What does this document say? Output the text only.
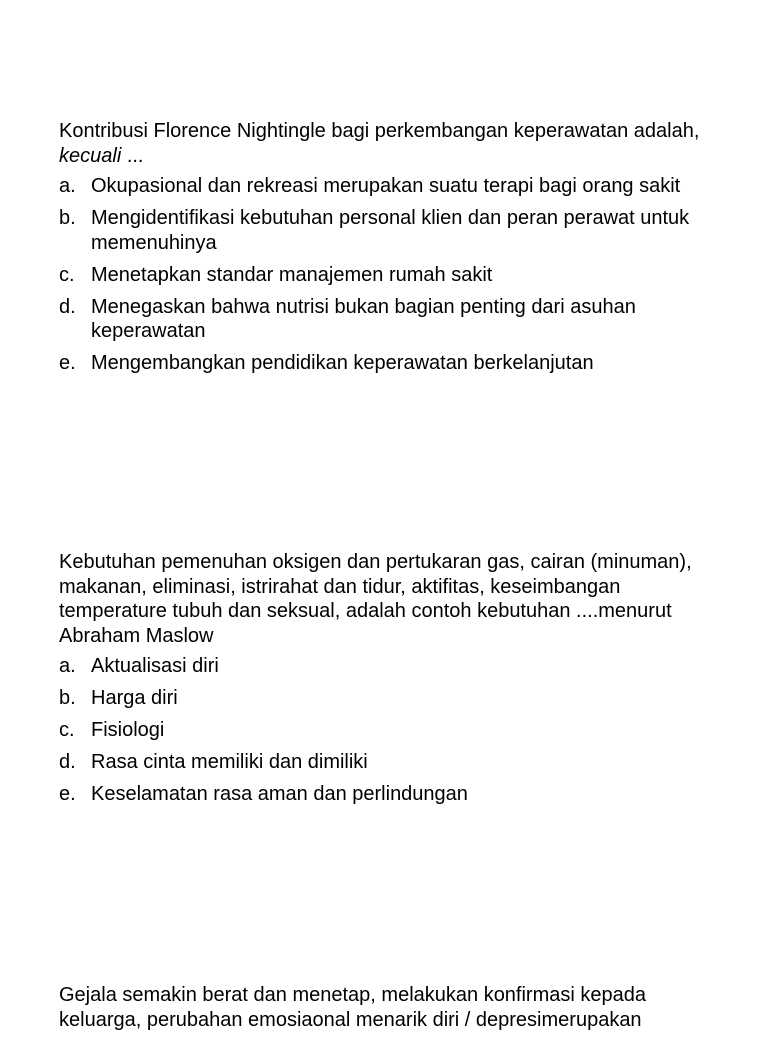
Kontribusi Florence Nightingle bagi perkembangan keperawatan adalah,
kecuali ...

a. Okupasional dan rekreasi merupakan suatu terapi bagi orang sakit
b. Mengidentifikasi kebutuhan personal klien dan peran perawat untuk memenuhinya
c. Menetapkan standar manajemen rumah sakit
d. Menegaskan bahwa nutrisi bukan bagian penting dari asuhan keperawatan
e. Mengembangkan pendidikan keperawatan berkelanjutan

Kebutuhan pemenuhan oksigen dan pertukaran gas, cairan (minuman), makanan, eliminasi, istrirahat dan tidur, aktifitas, keseimbangan temperature tubuh dan seksual, adalah contoh kebutuhan ....menurut Abraham Maslow

a. Aktualisasi diri
b. Harga diri
c. Fisiologi
d. Rasa cinta memiliki dan dimiliki
e. Keselamatan rasa aman dan perlindungan

Gejala semakin berat dan menetap, melakukan konfirmasi kepada keluarga, perubahan emosiaonal menarik diri / depresimerupakan
